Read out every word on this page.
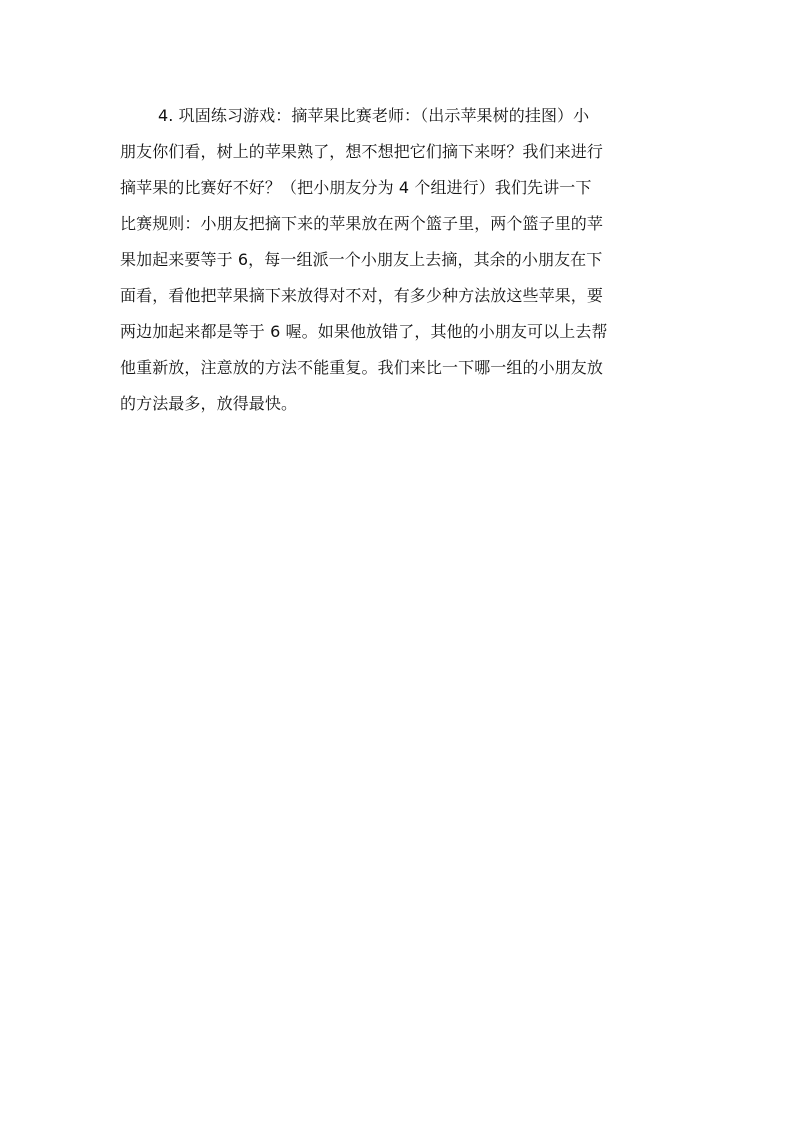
4. 巩固练习游戏：摘苹果比赛老师：（出示苹果树的挂图）小
朋友你们看，树上的苹果熟了，想不想把它们摘下来呀？我们来进行
摘苹果的比赛好不好？（把小朋友分为 4 个组进行）我们先讲一下
比赛规则：小朋友把摘下来的苹果放在两个篮子里，两个篮子里的苹
果加起来要等于 6，每一组派一个小朋友上去摘，其余的小朋友在下
面看，看他把苹果摘下来放得对不对，有多少种方法放这些苹果，要
两边加起来都是等于 6 喔。如果他放错了，其他的小朋友可以上去帮
他重新放，注意放的方法不能重复。我们来比一下哪一组的小朋友放
的方法最多，放得最快。
